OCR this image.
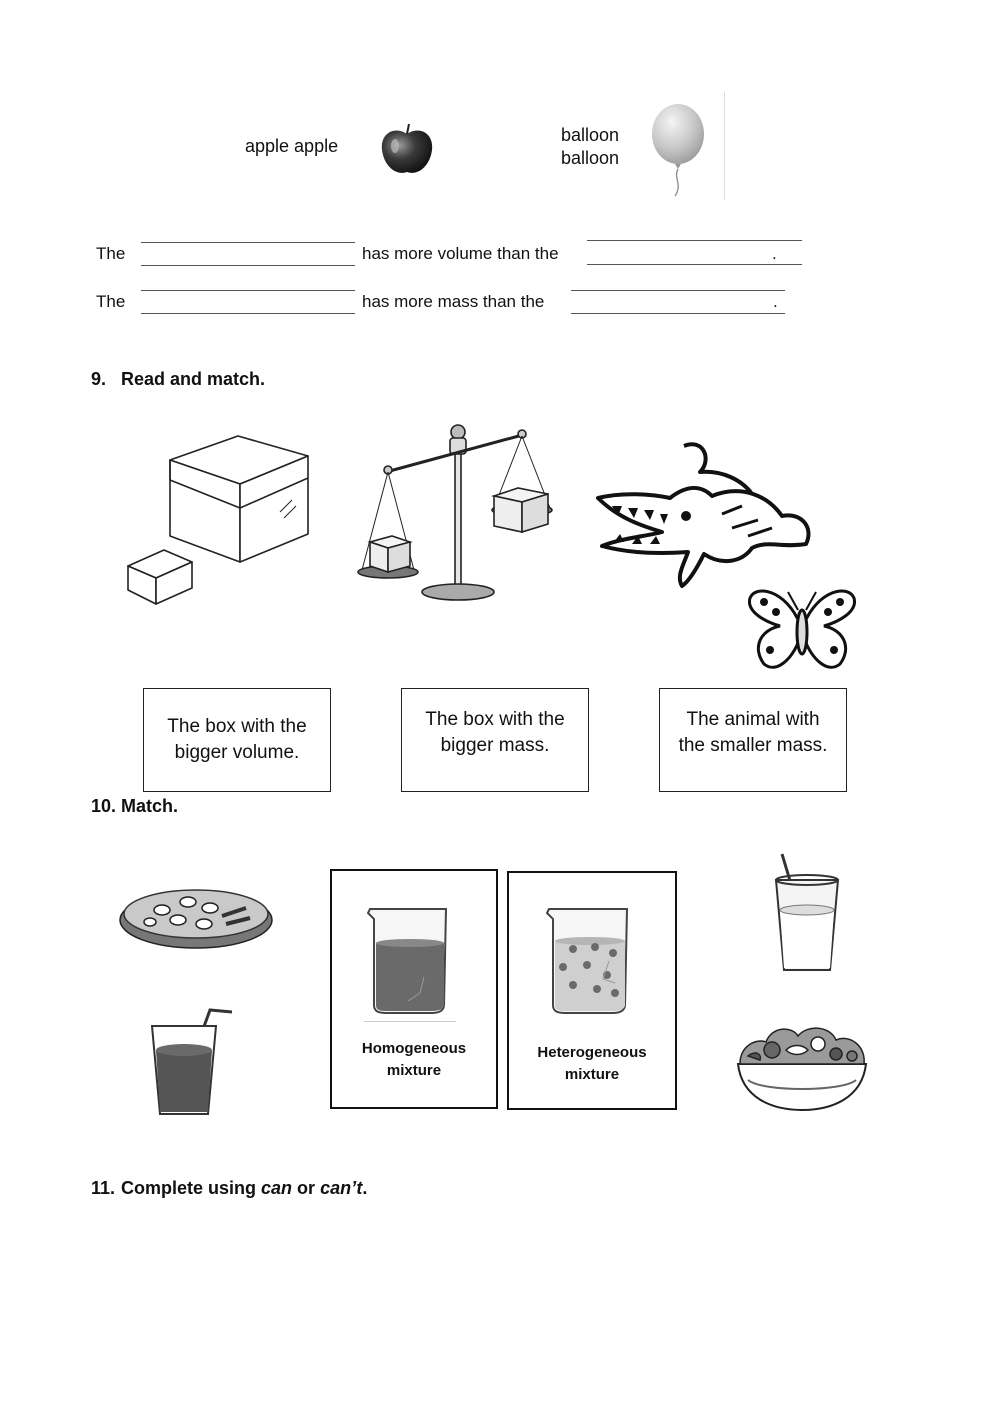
apple apple
balloon
balloon
The	has more volume than the	.
The	has more mass than the	.
9. Read and match.
The box with the
bigger volume.
The box with the
bigger mass.
The animal with
the smaller mass.
10. Match.
Homogeneous
mixture
Heterogeneous
mixture
11. Complete using can or can’t.
